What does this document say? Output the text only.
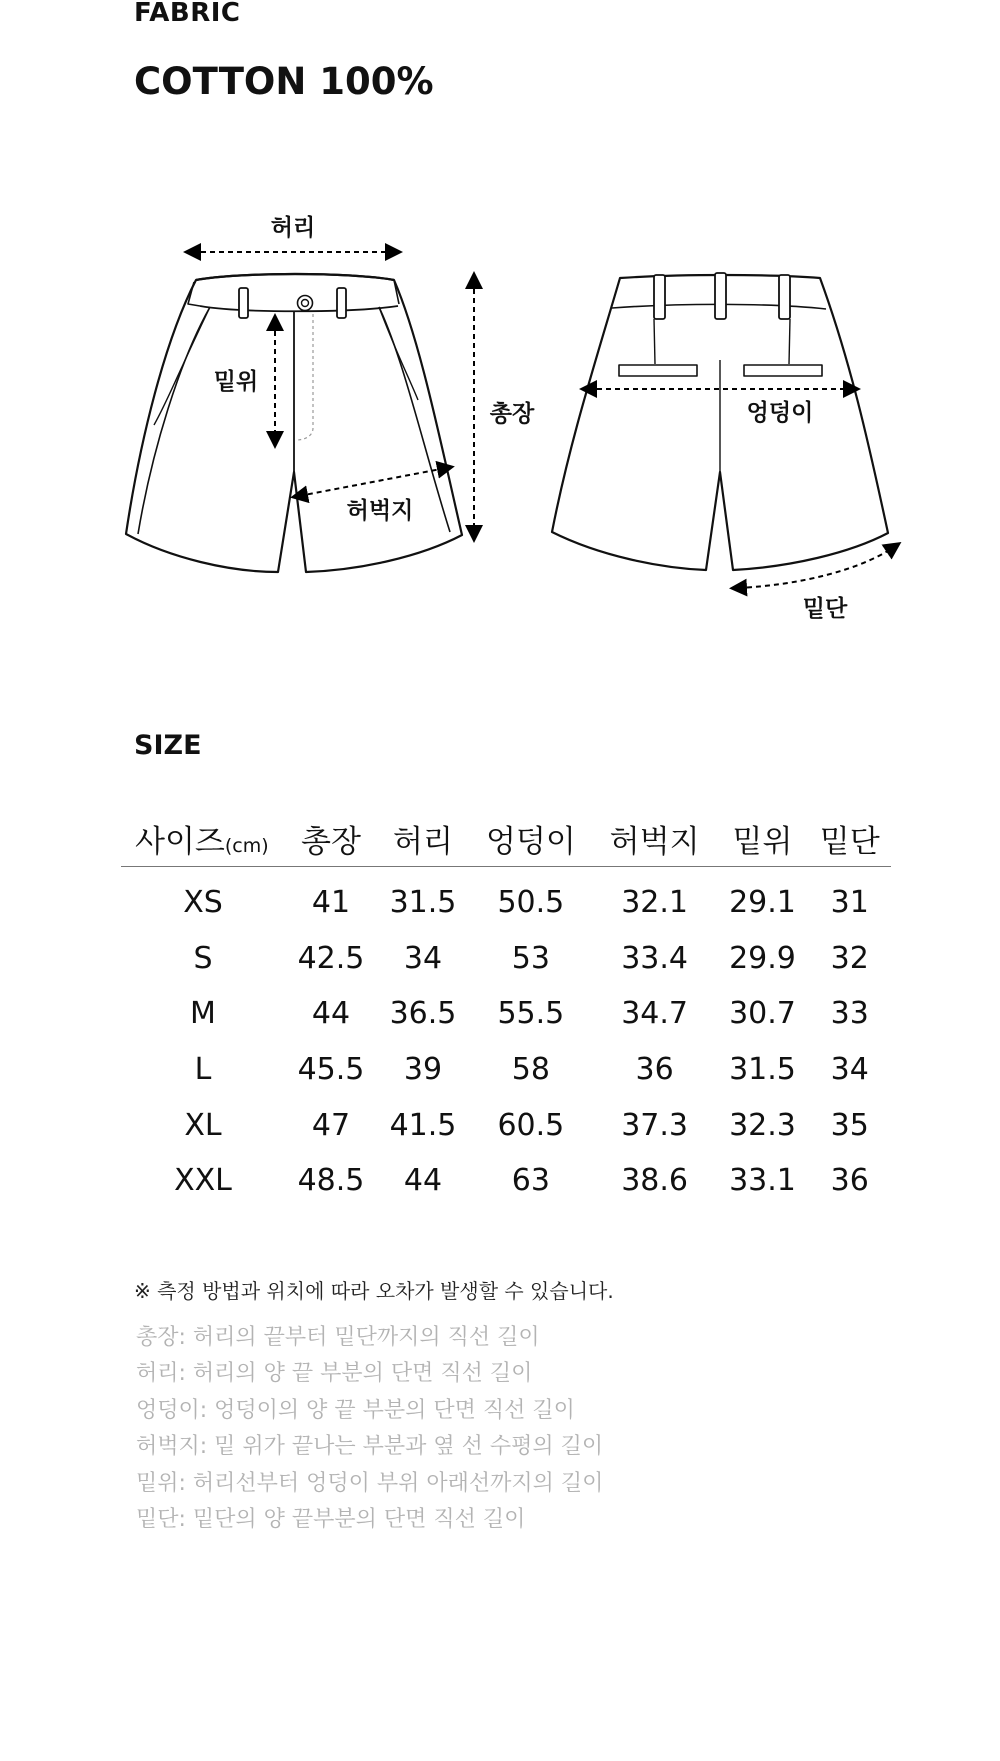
FABRIC
COTTON 100%
허리
밑위
총장
허벅지
엉덩이
밑단
SIZE
사이즈(cm)	총장	허리	엉덩이	허벅지	밑위	밑단
XS	41	31.5	50.5	32.1	29.1	31
S	42.5	34	53	33.4	29.9	32
M	44	36.5	55.5	34.7	30.7	33
L	45.5	39	58	36	31.5	34
XL	47	41.5	60.5	37.3	32.3	35
XXL	48.5	44	63	38.6	33.1	36
※ 측정 방법과 위치에 따라 오차가 발생할 수 있습니다.
총장: 허리의 끝부터 밑단까지의 직선 길이
허리: 허리의 양 끝 부분의 단면 직선 길이
엉덩이: 엉덩이의 양 끝 부분의 단면 직선 길이
허벅지: 밑 위가 끝나는 부분과 옆 선 수평의 길이
밑위: 허리선부터 엉덩이 부위 아래선까지의 길이
밑단: 밑단의 양 끝부분의 단면 직선 길이
